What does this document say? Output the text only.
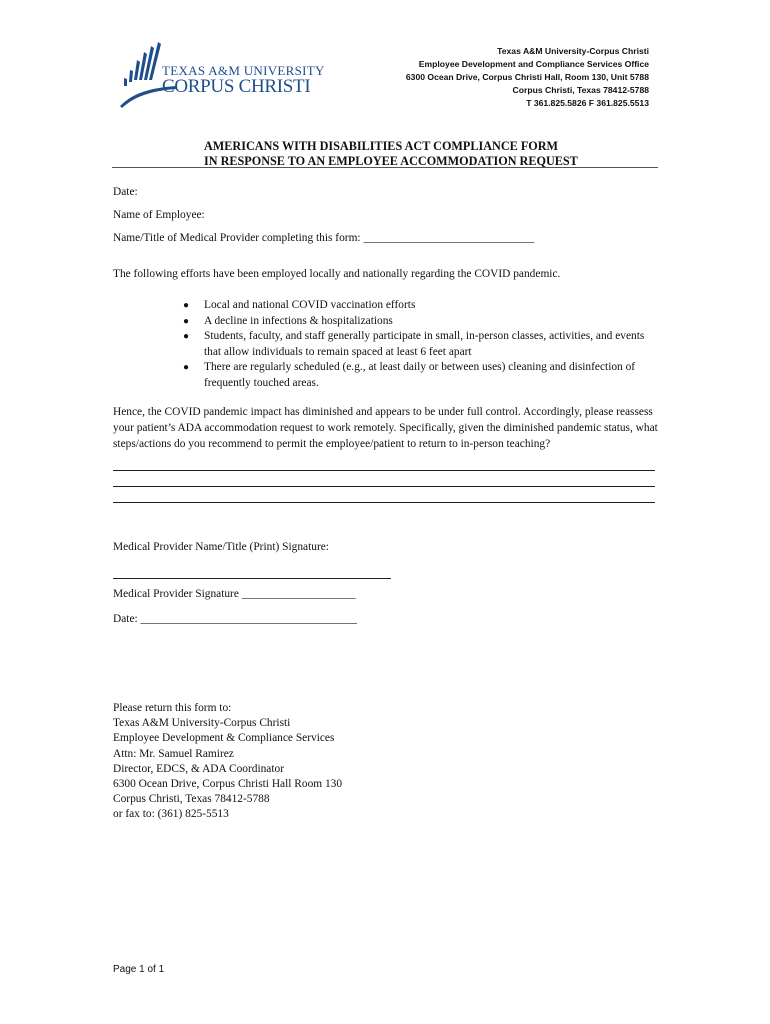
TEXAS A&M UNIVERSITY
CORPUS CHRISTI
Texas A&M University-Corpus Christi
Employee Development and Compliance Services Office
6300 Ocean Drive, Corpus Christi Hall, Room 130, Unit 5788
Corpus Christi, Texas 78412-5788
T 361.825.5826 F 361.825.5513
AMERICANS WITH DISABILITIES ACT COMPLIANCE FORM
IN RESPONSE TO AN EMPLOYEE ACCOMMODATION REQUEST
Date:
Name of Employee:
Name/Title of Medical Provider completing this form: ______________________________
The following efforts have been employed locally and nationally regarding the COVID pandemic.
● Local and national COVID vaccination efforts
● A decline in infections & hospitalizations
● Students, faculty, and staff generally participate in small, in-person classes, activities, and events that allow individuals to remain spaced at least 6 feet apart
● There are regularly scheduled (e.g., at least daily or between uses) cleaning and disinfection of frequently touched areas.
Hence, the COVID pandemic impact has diminished and appears to be under full control. Accordingly, please reassess your patient’s ADA accommodation request to work remotely. Specifically, given the diminished pandemic status, what steps/actions do you recommend to permit the employee/patient to return to in-person teaching?
Medical Provider Name/Title (Print) Signature:
Medical Provider Signature ____________________
Date: ______________________________________
Please return this form to:
Texas A&M University-Corpus Christi
Employee Development & Compliance Services
Attn: Mr. Samuel Ramirez
Director, EDCS, & ADA Coordinator
6300 Ocean Drive, Corpus Christi Hall Room 130
Corpus Christi, Texas 78412-5788
or fax to: (361) 825-5513
Page 1 of 1
